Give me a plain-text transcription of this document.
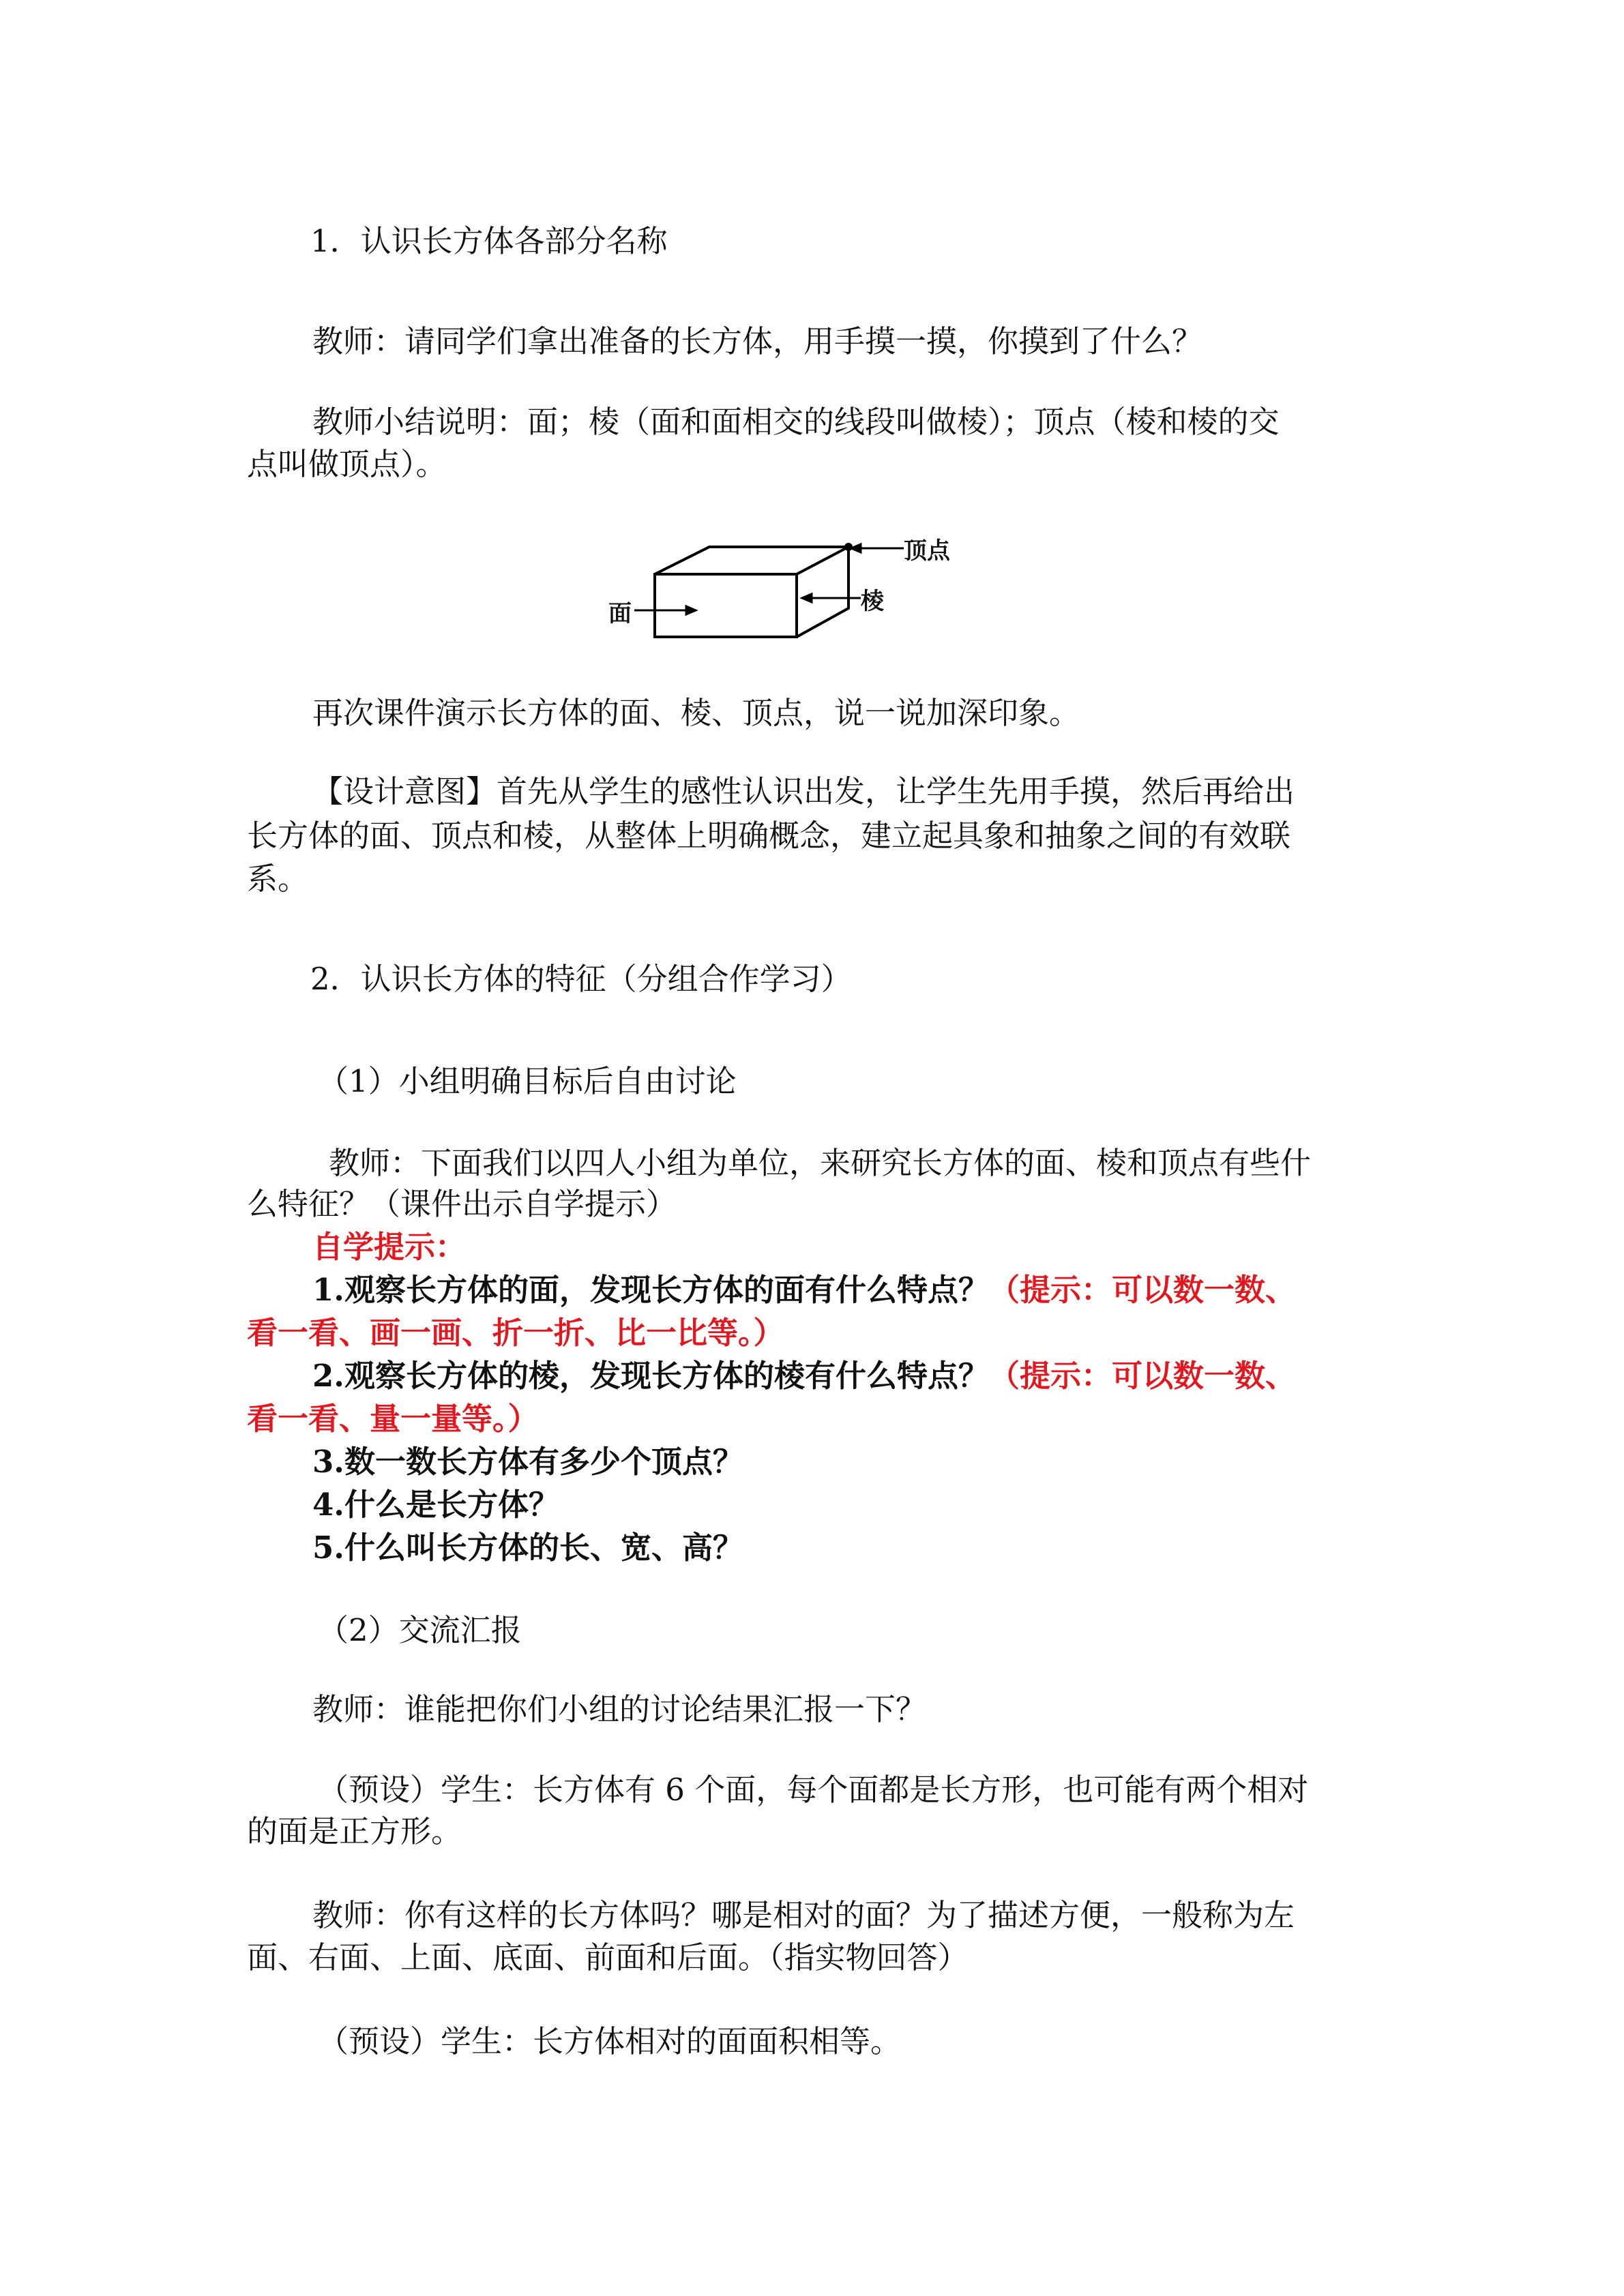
1．认识长方体各部分名称

教师：请同学们拿出准备的长方体，用手摸一摸，你摸到了什么？

教师小结说明：面；棱（面和面相交的线段叫做棱）；顶点（棱和棱的交

点叫做顶点）。

顶点
棱
面

再次课件演示长方体的面、棱、顶点，说一说加深印象。

【设计意图】首先从学生的感性认识出发，让学生先用手摸，然后再给出

长方体的面、顶点和棱，从整体上明确概念，建立起具象和抽象之间的有效联

系。

2．认识长方体的特征（分组合作学习）

（1）小组明确目标后自由讨论

教师：下面我们以四人小组为单位，来研究长方体的面、棱和顶点有些什

么特征？（课件出示自学提示）

自学提示：

1.观察长方体的面，发现长方体的面有什么特点？（提示：可以数一数、

看一看、画一画、折一折、比一比等。）

2.观察长方体的棱，发现长方体的棱有什么特点？（提示：可以数一数、

看一看、量一量等。）

3.数一数长方体有多少个顶点？

4.什么是长方体？

5.什么叫长方体的长、宽、高？

（2）交流汇报

教师：谁能把你们小组的讨论结果汇报一下？

（预设）学生：长方体有 6 个面，每个面都是长方形，也可能有两个相对

的面是正方形。

教师：你有这样的长方体吗？哪是相对的面？为了描述方便，一般称为左

面、右面、上面、底面、前面和后面。（指实物回答）

（预设）学生：长方体相对的面面积相等。
